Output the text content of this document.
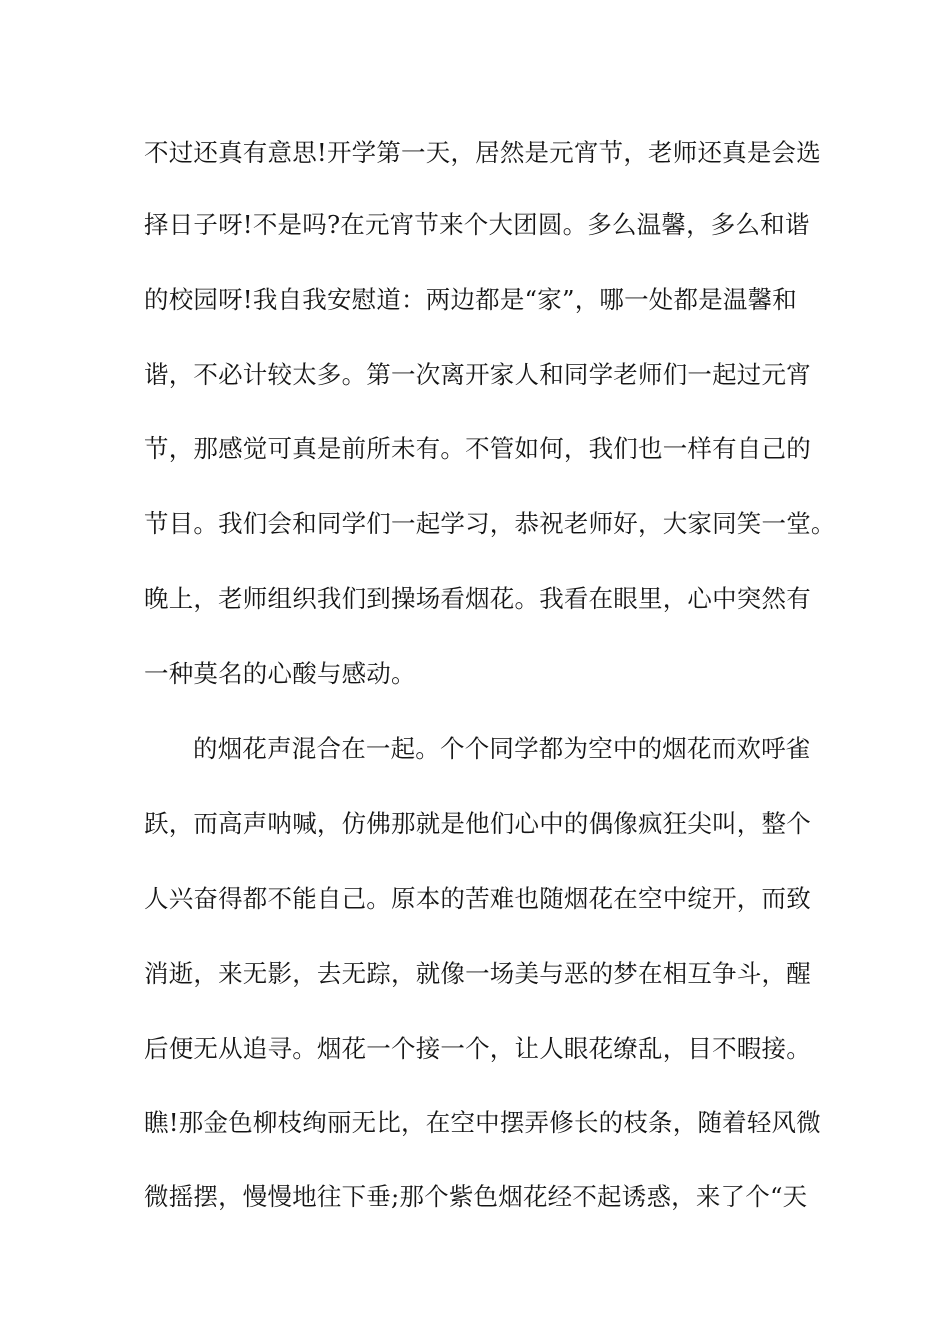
不过还真有意思!开学第一天，居然是元宵节，老师还真是会选
择日子呀!不是吗?在元宵节来个大团圆。多么温馨，多么和谐
的校园呀!我自我安慰道：两边都是“家”，哪一处都是温馨和
谐，不必计较太多。第一次离开家人和同学老师们一起过元宵
节，那感觉可真是前所未有。不管如何，我们也一样有自己的
节目。我们会和同学们一起学习，恭祝老师好，大家同笑一堂。
晚上，老师组织我们到操场看烟花。我看在眼里，心中突然有
一种莫名的心酸与感动。
的烟花声混合在一起。个个同学都为空中的烟花而欢呼雀
跃，而高声呐喊，仿佛那就是他们心中的偶像疯狂尖叫，整个
人兴奋得都不能自己。原本的苦难也随烟花在空中绽开，而致
消逝，来无影，去无踪，就像一场美与恶的梦在相互争斗，醒
后便无从追寻。烟花一个接一个，让人眼花缭乱，目不暇接。
瞧!那金色柳枝绚丽无比，在空中摆弄修长的枝条，随着轻风微
微摇摆，慢慢地往下垂;那个紫色烟花经不起诱惑，来了个“天
